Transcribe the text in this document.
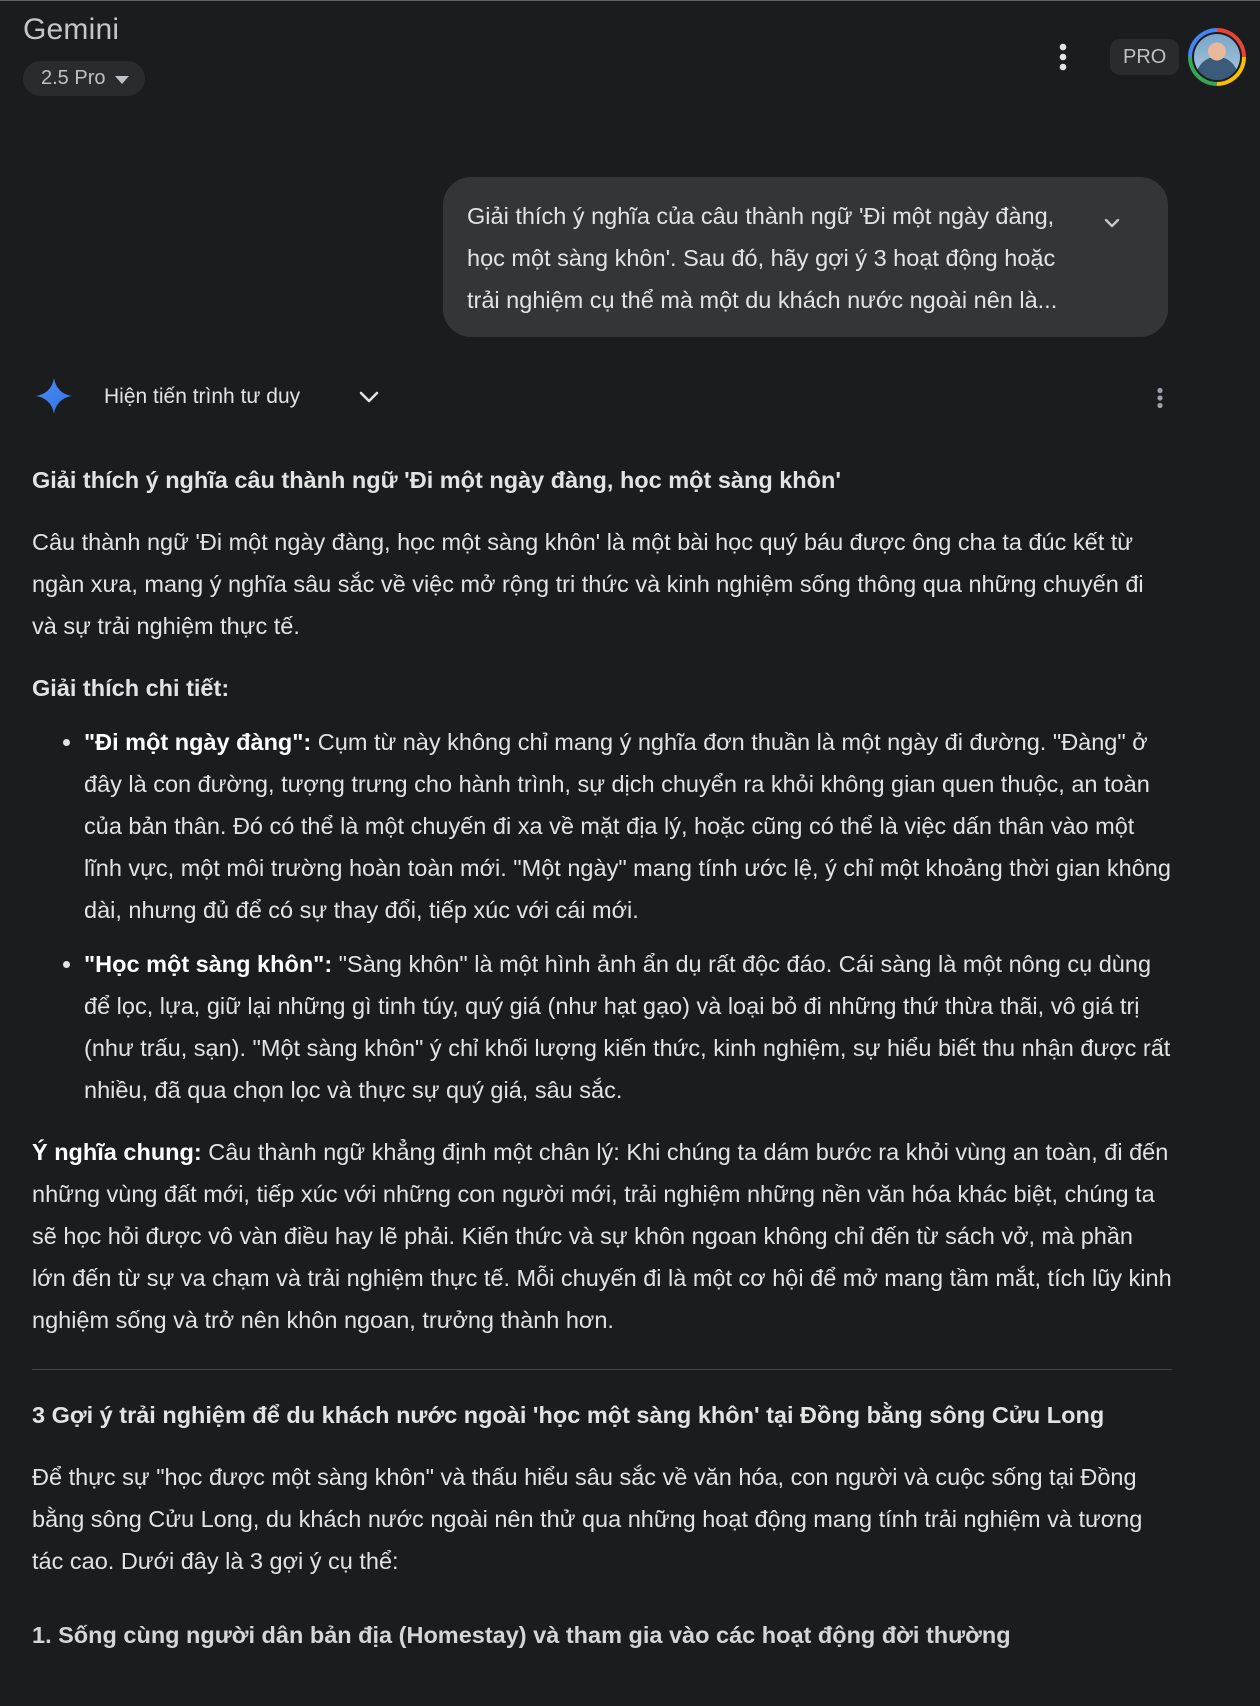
Gemini
2.5 Pro
PRO
Giải thích ý nghĩa của câu thành ngữ 'Đi một ngày đàng, học một sàng khôn'. Sau đó, hãy gợi ý 3 hoạt động hoặc trải nghiệm cụ thể mà một du khách nước ngoài nên là...
Hiện tiến trình tư duy

Giải thích ý nghĩa câu thành ngữ 'Đi một ngày đàng, học một sàng khôn'

Câu thành ngữ 'Đi một ngày đàng, học một sàng khôn' là một bài học quý báu được ông cha ta đúc kết từ ngàn xưa, mang ý nghĩa sâu sắc về việc mở rộng tri thức và kinh nghiệm sống thông qua những chuyến đi và sự trải nghiệm thực tế.

Giải thích chi tiết:

• "Đi một ngày đàng": Cụm từ này không chỉ mang ý nghĩa đơn thuần là một ngày đi đường. "Đàng" ở đây là con đường, tượng trưng cho hành trình, sự dịch chuyển ra khỏi không gian quen thuộc, an toàn của bản thân. Đó có thể là một chuyến đi xa về mặt địa lý, hoặc cũng có thể là việc dấn thân vào một lĩnh vực, một môi trường hoàn toàn mới. "Một ngày" mang tính ước lệ, ý chỉ một khoảng thời gian không dài, nhưng đủ để có sự thay đổi, tiếp xúc với cái mới.
• "Học một sàng khôn": "Sàng khôn" là một hình ảnh ẩn dụ rất độc đáo. Cái sàng là một nông cụ dùng để lọc, lựa, giữ lại những gì tinh túy, quý giá (như hạt gạo) và loại bỏ đi những thứ thừa thãi, vô giá trị (như trấu, sạn). "Một sàng khôn" ý chỉ khối lượng kiến thức, kinh nghiệm, sự hiểu biết thu nhận được rất nhiều, đã qua chọn lọc và thực sự quý giá, sâu sắc.

Ý nghĩa chung: Câu thành ngữ khẳng định một chân lý: Khi chúng ta dám bước ra khỏi vùng an toàn, đi đến những vùng đất mới, tiếp xúc với những con người mới, trải nghiệm những nền văn hóa khác biệt, chúng ta sẽ học hỏi được vô vàn điều hay lẽ phải. Kiến thức và sự khôn ngoan không chỉ đến từ sách vở, mà phần lớn đến từ sự va chạm và trải nghiệm thực tế. Mỗi chuyến đi là một cơ hội để mở mang tầm mắt, tích lũy kinh nghiệm sống và trở nên khôn ngoan, trưởng thành hơn.

3 Gợi ý trải nghiệm để du khách nước ngoài 'học một sàng khôn' tại Đồng bằng sông Cửu Long

Để thực sự "học được một sàng khôn" và thấu hiểu sâu sắc về văn hóa, con người và cuộc sống tại Đồng bằng sông Cửu Long, du khách nước ngoài nên thử qua những hoạt động mang tính trải nghiệm và tương tác cao. Dưới đây là 3 gợi ý cụ thể:

1. Sống cùng người dân bản địa (Homestay) và tham gia vào các hoạt động đời thường
